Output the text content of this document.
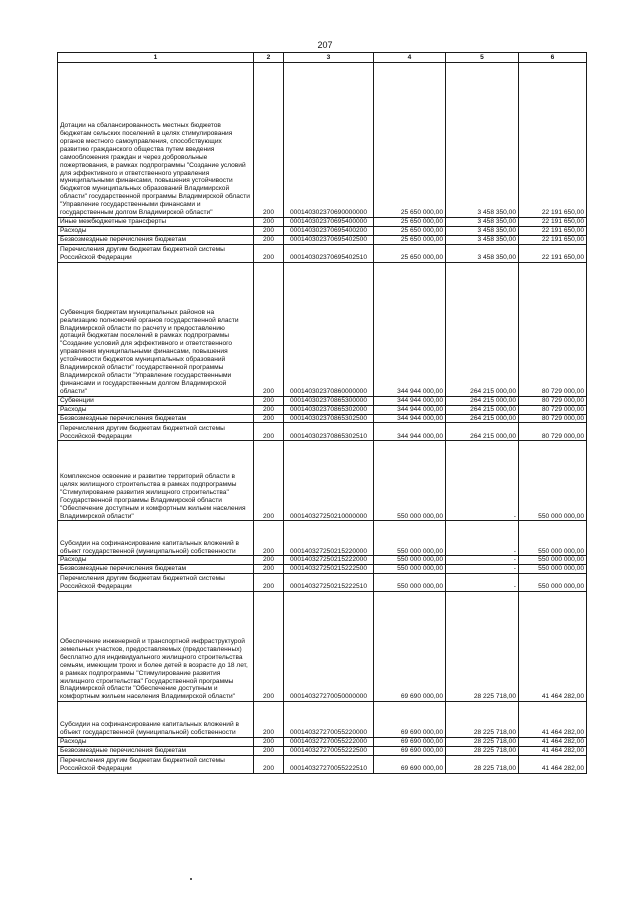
207
1	2	3	4	5	6
Дотации на сбалансированность местных бюджетов бюджетам сельских поселений в целях стимулирования органов местного самоуправления, способствующих развитию гражданского общества путем введения самообложения граждан и через добровольные пожертвования, в рамках подпрограммы "Создание условий для эффективного и ответственного управления муниципальными финансами, повышения устойчивости бюджетов муниципальных образований Владимирской области" государственной программы Владимирской области "Управление государственными финансами и государственным долгом Владимирской области"	200	000140302370690000000	25 650 000,00	3 458 350,00	22 191 650,00
Иные межбюджетные трансферты	200	000140302370695400000	25 650 000,00	3 458 350,00	22 191 650,00
Расходы	200	000140302370695400200	25 650 000,00	3 458 350,00	22 191 650,00
Безвозмездные перечисления бюджетам	200	000140302370695402500	25 650 000,00	3 458 350,00	22 191 650,00
Перечисления другим бюджетам бюджетной системы Российской Федерации	200	000140302370695402510	25 650 000,00	3 458 350,00	22 191 650,00
Субвенция бюджетам муниципальных районов на реализацию полномочий органов государственной власти Владимирской области по расчету и предоставлению дотаций бюджетам поселений в рамках подпрограммы "Создание условий для эффективного и ответственного управления муниципальными финансами, повышения устойчивости бюджетов муниципальных образований Владимирской области" государственной программы Владимирской области "Управление государственными финансами и государственным долгом Владимирской области"	200	000140302370860000000	344 944 000,00	264 215 000,00	80 729 000,00
Субвенции	200	000140302370865300000	344 944 000,00	264 215 000,00	80 729 000,00
Расходы	200	000140302370865302000	344 944 000,00	264 215 000,00	80 729 000,00
Безвозмездные перечисления бюджетам	200	000140302370865302500	344 944 000,00	264 215 000,00	80 729 000,00
Перечисления другим бюджетам бюджетной системы Российской Федерации	200	000140302370865302510	344 944 000,00	264 215 000,00	80 729 000,00
Комплексное освоение и развитие территорий области в целях жилищного строительства в рамках подпрограммы "Стимулирование развития жилищного строительства" Государственной программы Владимирской области "Обеспечение доступным и комфортным жильем населения Владимирской области"	200	000140327250210000000	550 000 000,00	-	550 000 000,00
Субсидии на софинансирование капитальных вложений в объект государственной (муниципальной) собственности	200	000140327250215220000	550 000 000,00	-	550 000 000,00
Расходы	200	000140327250215222000	550 000 000,00	-	550 000 000,00
Безвозмездные перечисления бюджетам	200	000140327250215222500	550 000 000,00	-	550 000 000,00
Перечисления другим бюджетам бюджетной системы Российской Федерации	200	000140327250215222510	550 000 000,00	-	550 000 000,00
Обеспечение инженерной и транспортной инфраструктурой земельных участков, предоставляемых (предоставленных) бесплатно для индивидуального жилищного строительства семьям, имеющим троих и более детей в возрасте до 18 лет, в рамках подпрограммы "Стимулирование развития жилищного строительства" Государственной программы Владимирской области "Обеспечение доступным и комфортным жильем населения Владимирской области"	200	000140327270050000000	69 690 000,00	28 225 718,00	41 464 282,00
Субсидии на софинансирование капитальных вложений в объект государственной (муниципальной) собственности	200	000140327270055220000	69 690 000,00	28 225 718,00	41 464 282,00
Расходы	200	000140327270055222000	69 690 000,00	28 225 718,00	41 464 282,00
Безвозмездные перечисления бюджетам	200	000140327270055222500	69 690 000,00	28 225 718,00	41 464 282,00
Перечисления другим бюджетам бюджетной системы Российской Федерации	200	000140327270055222510	69 690 000,00	28 225 718,00	41 464 282,00
